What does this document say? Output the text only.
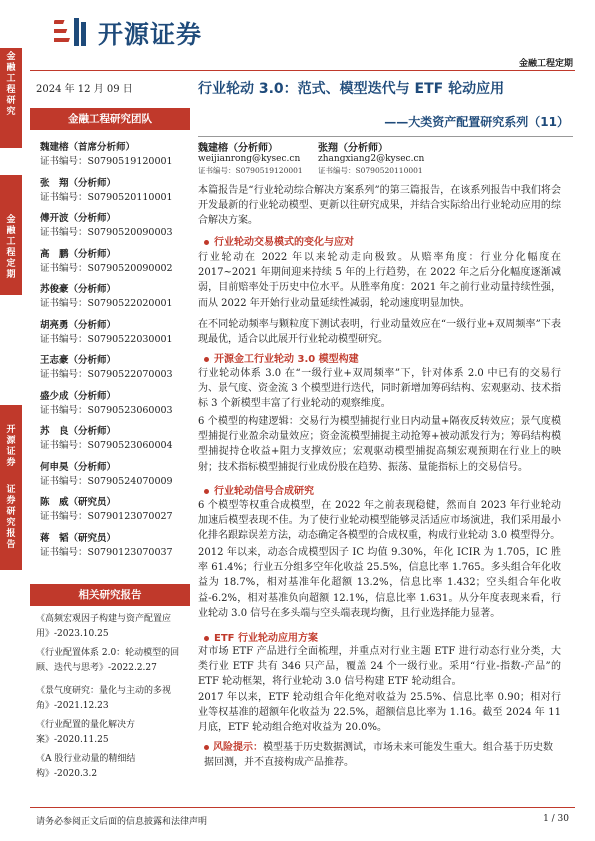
金融工程研究
金融工程定期
开源证券
证券研究报告
开源证券
金融工程定期
2024 年 12 月 09 日
金融工程研究团队
魏建榕（首席分析师）
证书编号：S0790519120001
张　翔（分析师）
证书编号：S0790520110001
傅开波（分析师）
证书编号：S0790520090003
高　鹏（分析师）
证书编号：S0790520090002
苏俊豪（分析师）
证书编号：S0790522020001
胡亮勇（分析师）
证书编号：S0790522030001
王志豪（分析师）
证书编号：S0790522070003
盛少成（分析师）
证书编号：S0790523060003
苏　良（分析师）
证书编号：S0790523060004
何申昊（分析师）
证书编号：S0790524070009
陈　威（研究员）
证书编号：S0790123070027
蒋　韬（研究员）
证书编号：S0790123070037
相关研究报告
《高频宏观因子构建与资产配置应用》-2023.10.25
《行业配置体系 2.0：轮动模型的回顾、迭代与思考》-2022.2.27
《景气度研究：量化与主动的多视角》-2021.12.23
《行业配置的量化解决方案》-2020.11.25
《A 股行业动量的精细结构》-2020.3.2
行业轮动 3.0：范式、模型迭代与 ETF 轮动应用
——大类资产配置研究系列（11）
魏建榕（分析师）
weijianrong@kysec.cn
证书编号：S0790519120001
张翔（分析师）
zhangxiang2@kysec.cn
证书编号：S0790520110001
本篇报告是“行业轮动综合解决方案系列”的第三篇报告，在该系列报告中我们将会开发最新的行业轮动模型、更新以往研究成果，并结合实际给出行业轮动应用的综合解决方案。
行业轮动交易模式的变化与应对
行业轮动在 2022 年以来轮动走向极致。从赔率角度：行业分化幅度在 2017~2021 年期间迎来持续 5 年的上行趋势，在 2022 年之后分化幅度逐渐减弱，目前赔率处于历史中位水平。从胜率角度：2021 年之前行业动量持续性强，而从 2022 年开始行业动量延续性减弱，轮动速度明显加快。
在不同轮动频率与颗粒度下测试表明，行业动量效应在“一级行业+双周频率”下表现最优，适合以此展开行业轮动模型研究。
开源金工行业轮动 3.0 模型构建
行业轮动体系 3.0 在“一级行业+双周频率”下，针对体系 2.0 中已有的交易行为、景气度、资金流 3 个模型进行迭代，同时新增加筹码结构、宏观驱动、技术指标 3 个新模型丰富了行业轮动的观察维度。
6 个模型的构建逻辑：交易行为模型捕捉行业日内动量+隔夜反转效应；景气度模型捕捉行业盈余动量效应；资金流模型捕捉主动抢筹+被动派发行为；筹码结构模型捕捉持仓收益+阻力支撑效应；宏观驱动模型捕捉高频宏观预期在行业上的映射；技术指标模型捕捉行业成份股在趋势、振荡、量能指标上的交易信号。
行业轮动信号合成研究
6 个模型等权重合成模型，在 2022 年之前表现稳健，然而自 2023 年行业轮动加速后模型表现不佳。为了使行业轮动模型能够灵活适应市场演进，我们采用最小化排名跟踪误差方法，动态确定各模型的合成权重，构成行业轮动 3.0 模型得分。
2012 年以来，动态合成模型因子 IC 均值 9.30%，年化 ICIR 为 1.705，IC 胜率 61.4%；行业五分组多空年化收益 25.5%，信息比率 1.765。多头组合年化收益为 18.7%，相对基准年化超额 13.2%，信息比率 1.432；空头组合年化收益-6.2%，相对基准负向超额 12.1%，信息比率 1.631。从分年度表现来看，行业轮动 3.0 信号在多头端与空头端表现均衡，且行业选择能力显著。
ETF 行业轮动应用方案
对市场 ETF 产品进行全面梳理，并重点对行业主题 ETF 进行动态行业分类，大类行业 ETF 共有 346 只产品，覆盖 24 个一级行业。采用“行业-指数-产品”的 ETF 轮动框架，将行业轮动 3.0 信号构建 ETF 轮动组合。
2017 年以来，ETF 轮动组合年化绝对收益为 25.5%、信息比率 0.90；相对行业等权基准的超额年化收益为 22.5%，超额信息比率为 1.16。截至 2024 年 11 月底，ETF 轮动组合绝对收益为 20.0%。
风险提示：模型基于历史数据测试，市场未来可能发生重大。组合基于历史数据回测，并不直接构成产品推荐。
请务必参阅正文后面的信息披露和法律声明	1 / 30
